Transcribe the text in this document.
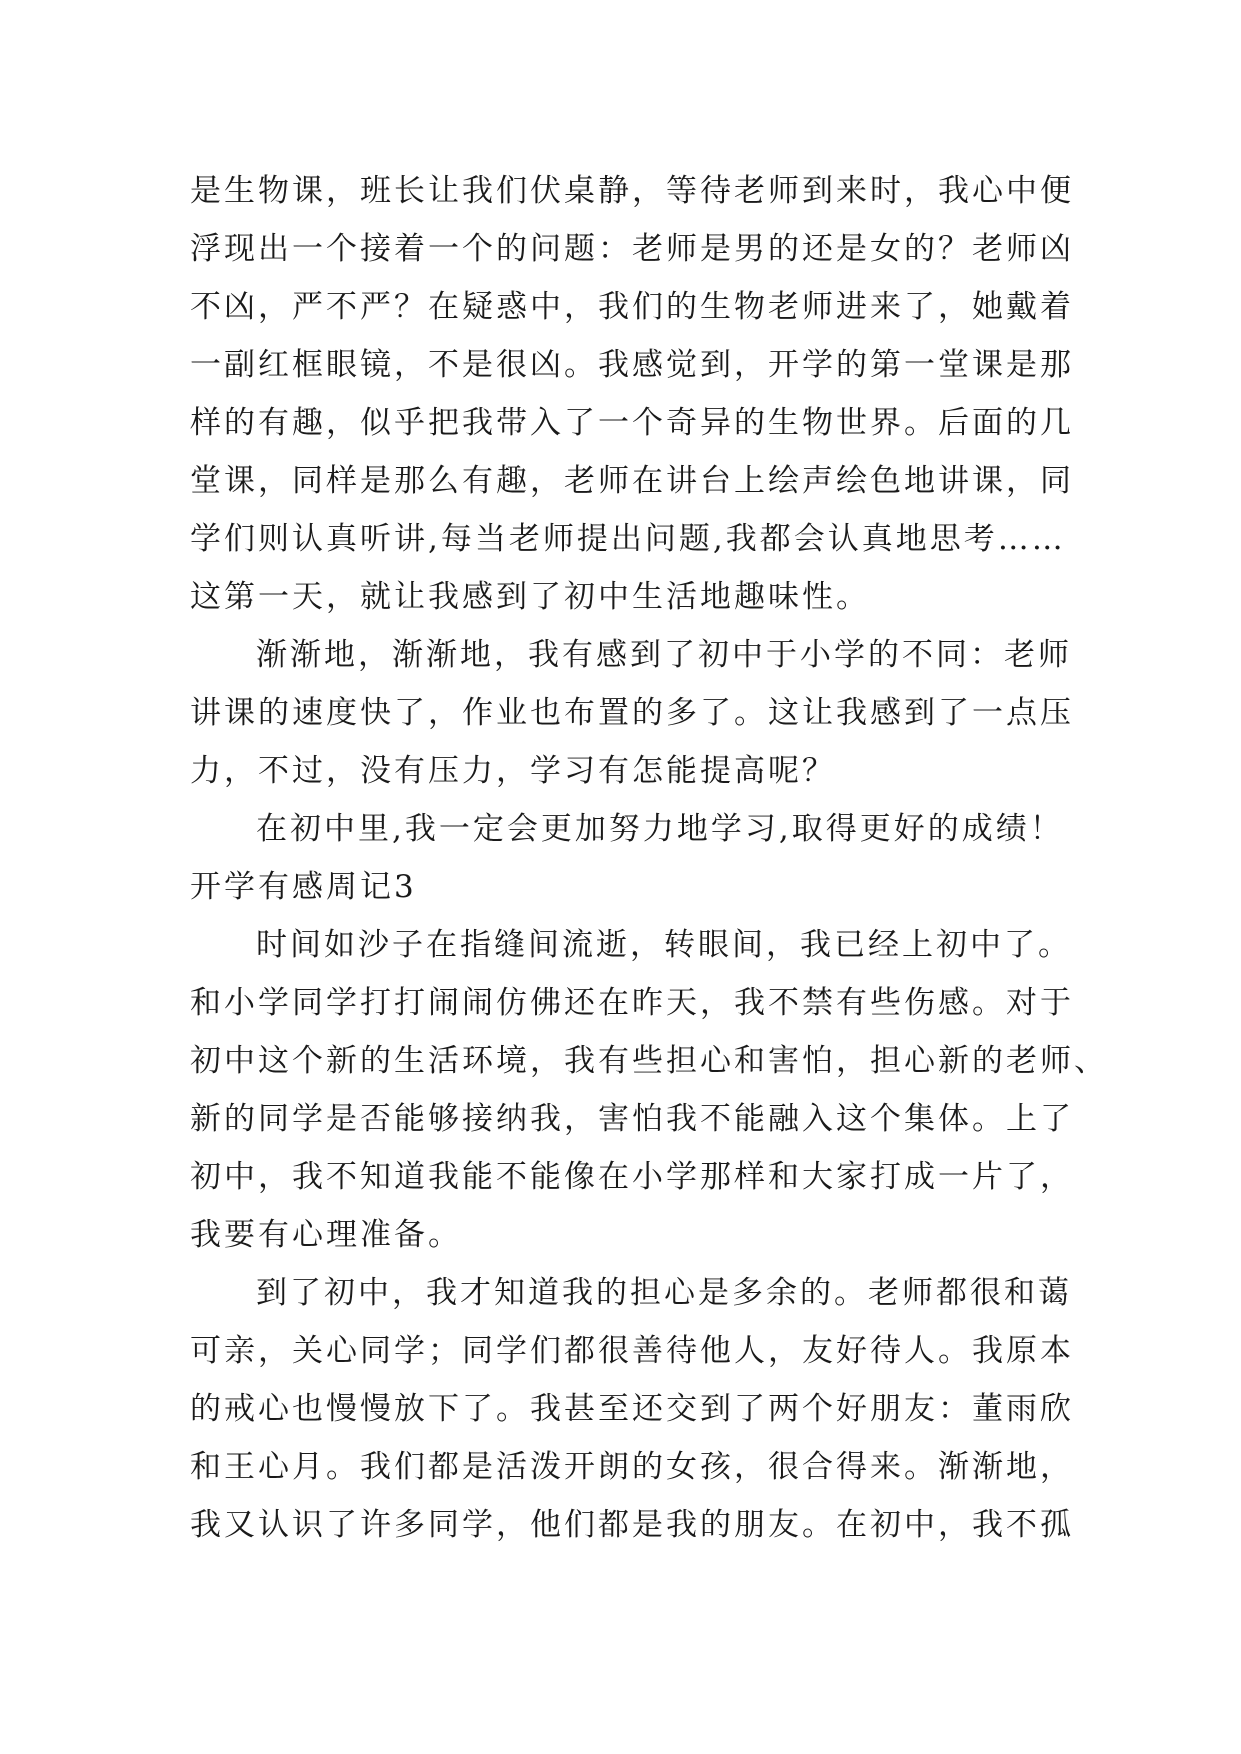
是生物课，班长让我们伏桌静，等待老师到来时，我心中便
浮现出一个接着一个的问题：老师是男的还是女的？老师凶
不凶，严不严？在疑惑中，我们的生物老师进来了，她戴着
一副红框眼镜，不是很凶。我感觉到，开学的第一堂课是那
样的有趣，似乎把我带入了一个奇异的生物世界。后面的几
堂课，同样是那么有趣，老师在讲台上绘声绘色地讲课，同
学们则认真听讲,每当老师提出问题,我都会认真地思考……
这第一天，就让我感到了初中生活地趣味性。
渐渐地，渐渐地，我有感到了初中于小学的不同：老师
讲课的速度快了，作业也布置的多了。这让我感到了一点压
力，不过，没有压力，学习有怎能提高呢？
在初中里,我一定会更加努力地学习,取得更好的成绩！
开学有感周记3
时间如沙子在指缝间流逝，转眼间，我已经上初中了。
和小学同学打打闹闹仿佛还在昨天，我不禁有些伤感。对于
初中这个新的生活环境，我有些担心和害怕，担心新的老师、
新的同学是否能够接纳我，害怕我不能融入这个集体。上了
初中，我不知道我能不能像在小学那样和大家打成一片了，
我要有心理准备。
到了初中，我才知道我的担心是多余的。老师都很和蔼
可亲，关心同学；同学们都很善待他人，友好待人。我原本
的戒心也慢慢放下了。我甚至还交到了两个好朋友：董雨欣
和王心月。我们都是活泼开朗的女孩，很合得来。渐渐地，
我又认识了许多同学，他们都是我的朋友。在初中，我不孤
